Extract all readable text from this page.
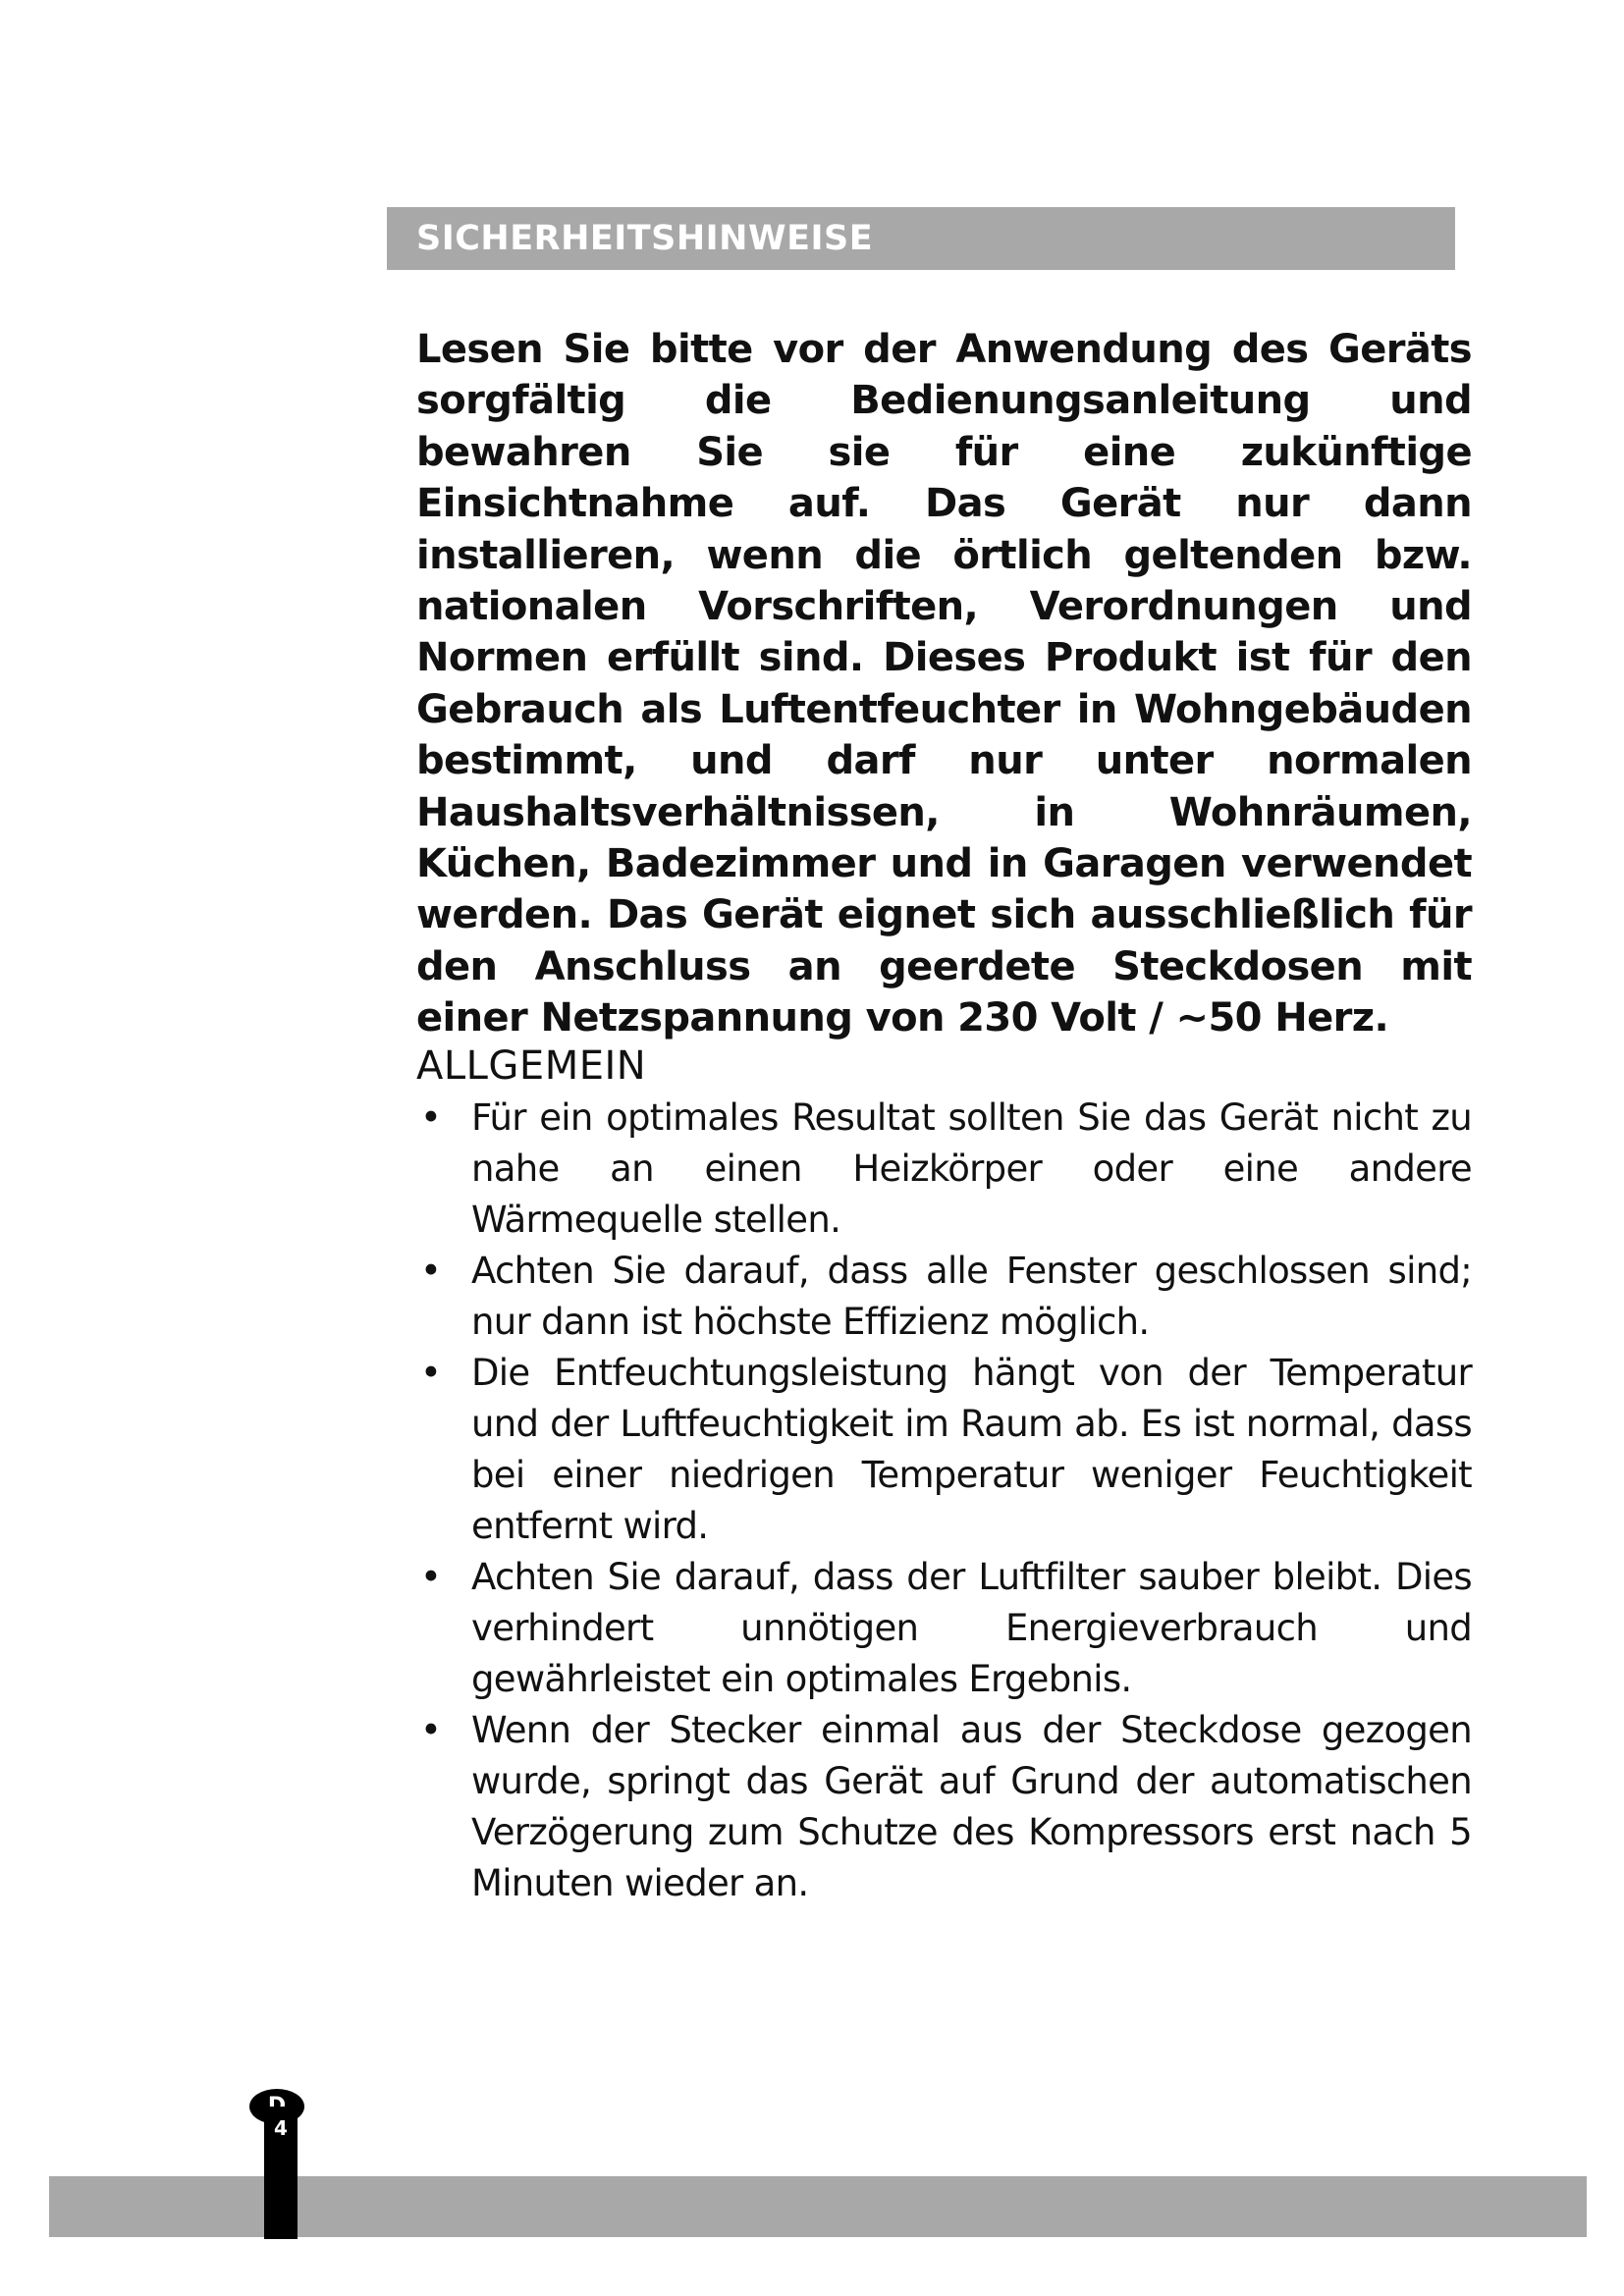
SICHERHEITSHINWEISE

Lesen Sie bitte vor der Anwendung des Geräts sorgfältig die Bedienungsanleitung und bewahren Sie sie für eine zukünftige Einsichtnahme auf. Das Gerät nur dann installieren, wenn die örtlich geltenden bzw. nationalen Vorschriften, Verordnungen und Normen erfüllt sind. Dieses Produkt ist für den Gebrauch als Luftentfeuchter in Wohngebäuden bestimmt, und darf nur unter normalen Haushaltsverhältnissen, in Wohnräumen, Küchen, Badezimmer und in Garagen verwendet werden. Das Gerät eignet sich ausschließlich für den Anschluss an geerdete Steckdosen mit einer Netzspannung von 230 Volt / ~50 Herz.

ALLGEMEIN
• Für ein optimales Resultat sollten Sie das Gerät nicht zu nahe an einen Heizkörper oder eine andere Wärmequelle stellen.
• Achten Sie darauf, dass alle Fenster geschlossen sind; nur dann ist höchste Effizienz möglich.
• Die Entfeuchtungsleistung hängt von der Temperatur und der Luftfeuchtigkeit im Raum ab. Es ist normal, dass bei einer niedrigen Temperatur weniger Feuchtigkeit entfernt wird.
• Achten Sie darauf, dass der Luftfilter sauber bleibt. Dies verhindert unnötigen Energieverbrauch und gewährleistet ein optimales Ergebnis.
• Wenn der Stecker einmal aus der Steckdose gezogen wurde, springt das Gerät auf Grund der automatischen Verzögerung zum Schutze des Kompressors erst nach 5 Minuten wieder an.
4
